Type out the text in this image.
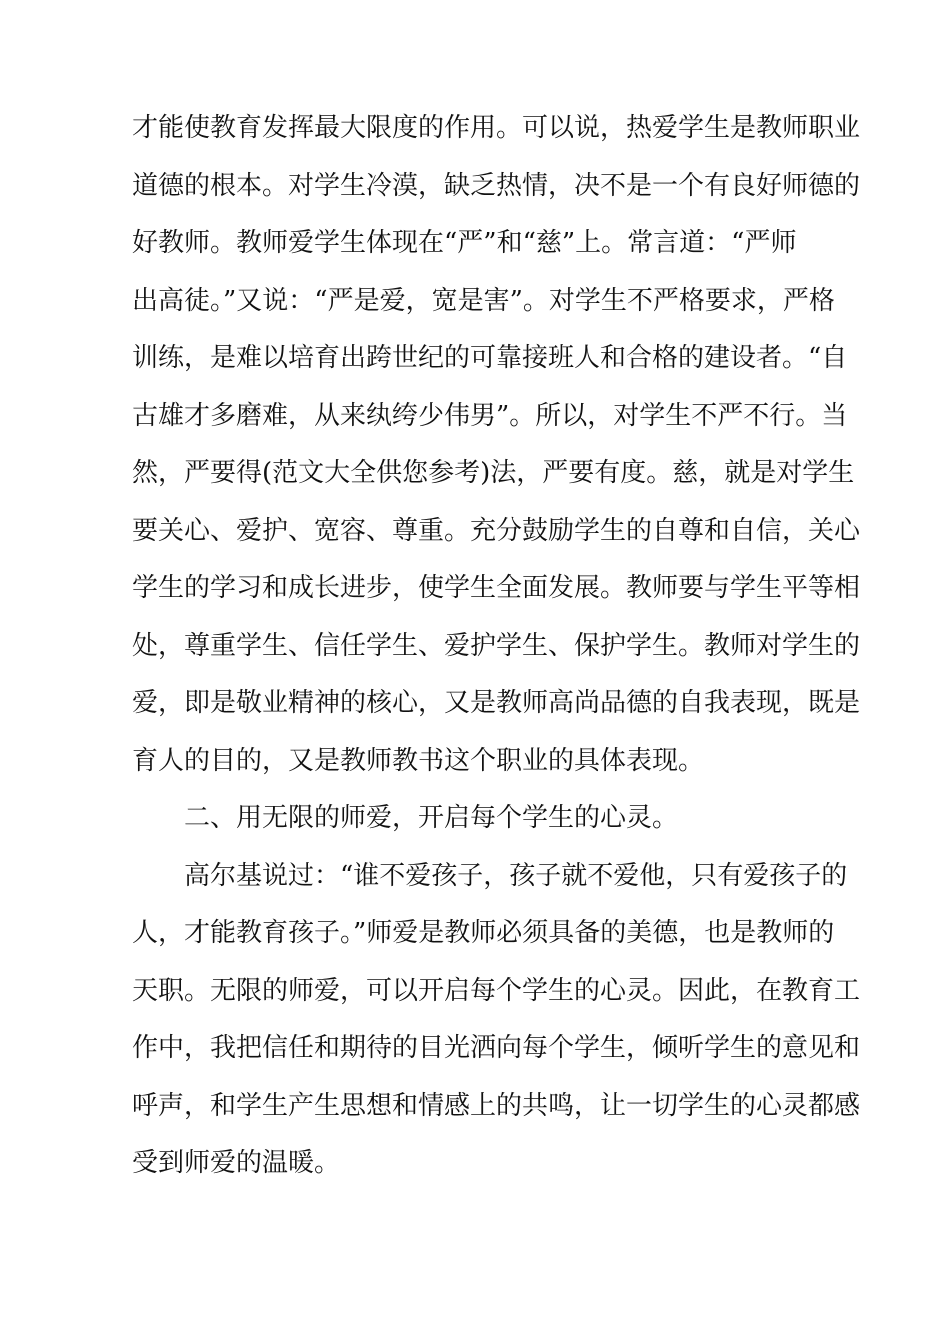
才能使教育发挥最大限度的作用。可以说，热爱学生是教师职业
道德的根本。对学生冷漠，缺乏热情，决不是一个有良好师德的
好教师。教师爱学生体现在“严”和“慈”上。常言道：“严师
出高徒。”又说：“严是爱，宽是害”。对学生不严格要求，严格
训练，是难以培育出跨世纪的可靠接班人和合格的建设者。“自
古雄才多磨难，从来纨绔少伟男”。所以，对学生不严不行。当
然，严要得(范文大全供您参考)法，严要有度。慈，就是对学生
要关心、爱护、宽容、尊重。充分鼓励学生的自尊和自信，关心
学生的学习和成长进步，使学生全面发展。教师要与学生平等相
处，尊重学生、信任学生、爱护学生、保护学生。教师对学生的
爱，即是敬业精神的核心，又是教师高尚品德的自我表现，既是
育人的目的，又是教师教书这个职业的具体表现。
二、用无限的师爱，开启每个学生的心灵。
高尔基说过：“谁不爱孩子，孩子就不爱他，只有爱孩子的
人，才能教育孩子。”师爱是教师必须具备的美德，也是教师的
天职。无限的师爱，可以开启每个学生的心灵。因此，在教育工
作中，我把信任和期待的目光洒向每个学生，倾听学生的意见和
呼声，和学生产生思想和情感上的共鸣，让一切学生的心灵都感
受到师爱的温暖。
